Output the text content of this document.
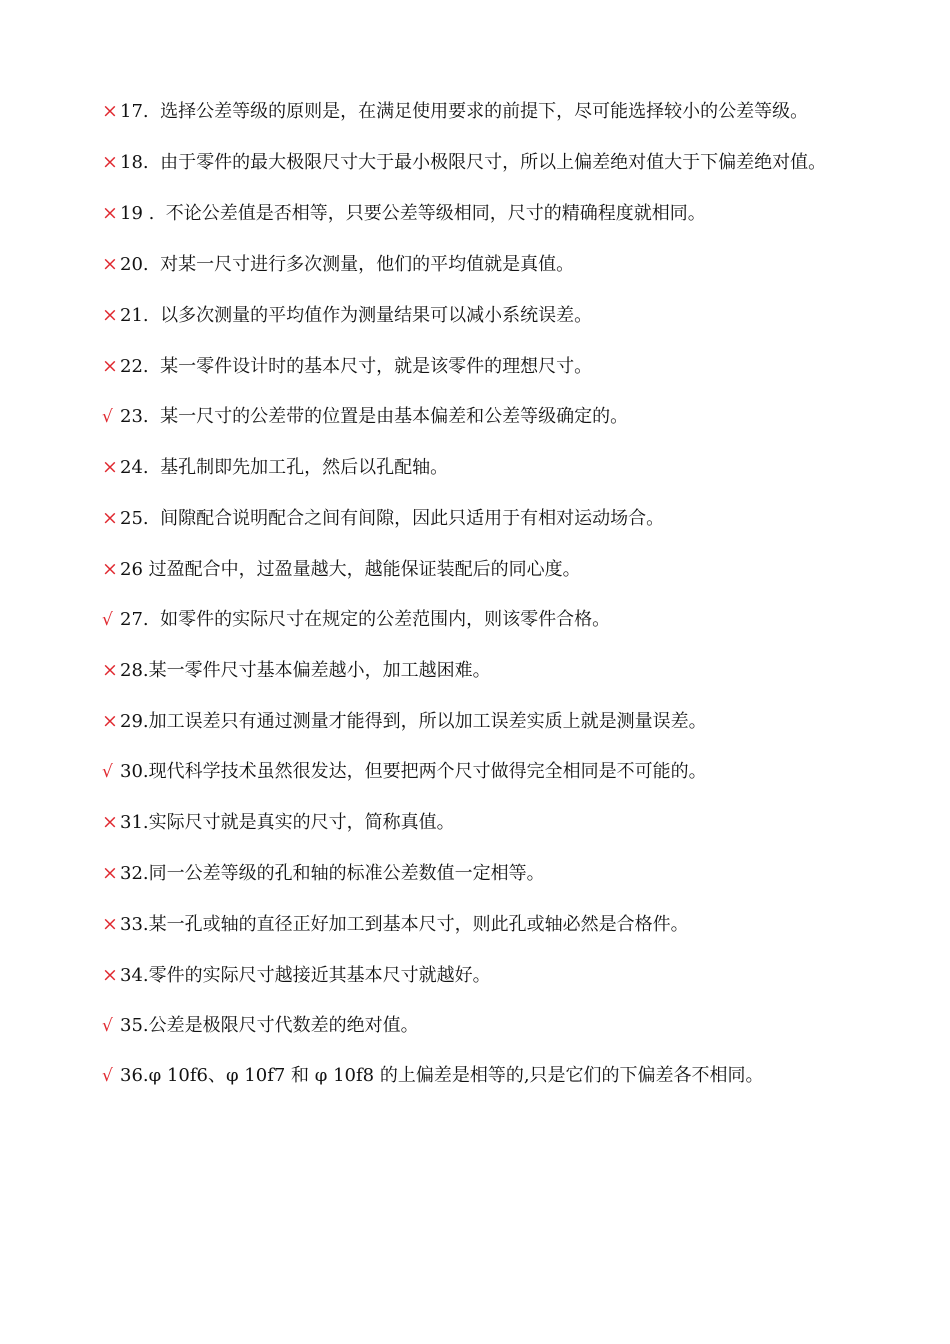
× 17.  选择公差等级的原则是，在满足使用要求的前提下，尽可能选择较小的公差等级。
× 18.  由于零件的最大极限尺寸大于最小极限尺寸，所以上偏差绝对值大于下偏差绝对值。
× 19 .  不论公差值是否相等，只要公差等级相同，尺寸的精确程度就相同。
× 20.  对某一尺寸进行多次测量，他们的平均值就是真值。
× 21.  以多次测量的平均值作为测量结果可以减小系统误差。
× 22.  某一零件设计时的基本尺寸，就是该零件的理想尺寸。
√ 23.  某一尺寸的公差带的位置是由基本偏差和公差等级确定的。
× 24.  基孔制即先加工孔，然后以孔配轴。
× 25.  间隙配合说明配合之间有间隙，因此只适用于有相对运动场合。
× 26 过盈配合中，过盈量越大，越能保证装配后的同心度。
√ 27.  如零件的实际尺寸在规定的公差范围内，则该零件合格。
× 28.某一零件尺寸基本偏差越小，加工越困难。
× 29.加工误差只有通过测量才能得到，所以加工误差实质上就是测量误差。
√ 30.现代科学技术虽然很发达，但要把两个尺寸做得完全相同是不可能的。
× 31.实际尺寸就是真实的尺寸，简称真值。
× 32.同一公差等级的孔和轴的标准公差数值一定相等。
× 33.某一孔或轴的直径正好加工到基本尺寸，则此孔或轴必然是合格件。
× 34.零件的实际尺寸越接近其基本尺寸就越好。
√ 35.公差是极限尺寸代数差的绝对值。
√ 36.φ 10f6、φ 10f7 和 φ 10f8 的上偏差是相等的,只是它们的下偏差各不相同。
